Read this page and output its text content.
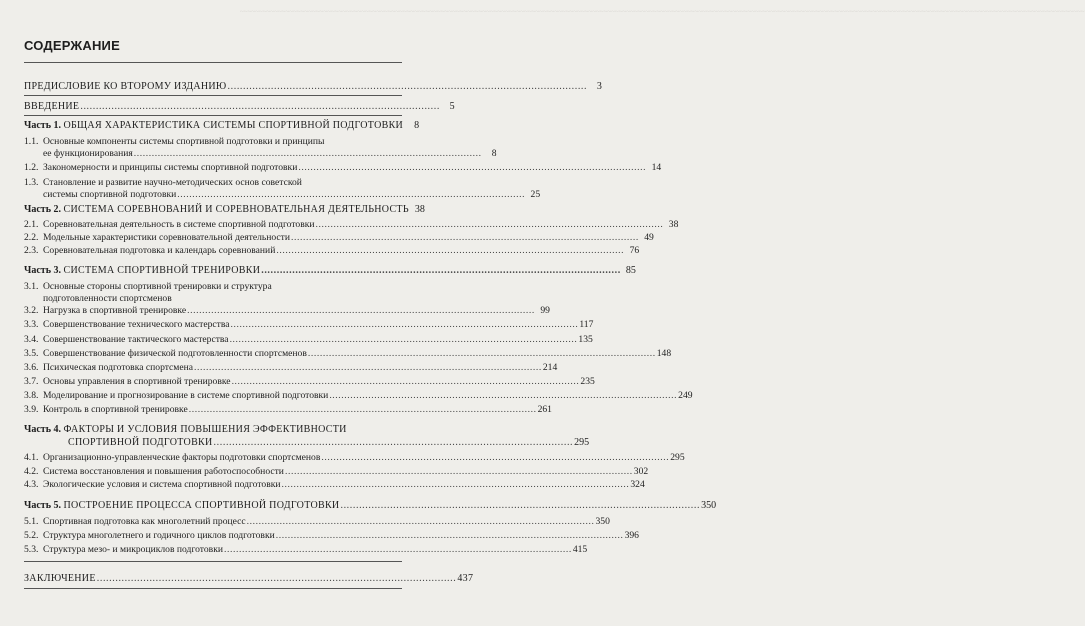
~~~~~~~~~~~~~~~~~~~~~~~~~~~~~~~~~~~~~~~~~~~~~~~~~~~~~~~~~~~~~~~~~~~~~~~~~~~~~~~~~~~~~~~~~~~~~~~~~~~~~~~~~~~~~~~~~~~~~~~~~~~~~~~~~~~~~~~~~~~~~~~~~~~~~~~~~~~~~~~~~~~~~~~~~~~~~~~~~~~~~~~~~~~~~~~~~~~~~~~~~~~~~~~~~~~~~~~~~~~~~~~
СОДЕРЖАНИЕ
ПРЕДИСЛОВИЕ КО ВТОРОМУ ИЗДАНИЮ .................................................................................................................... 3
ВВЕДЕНИЕ .................................................................................................................... 5
Часть 1. ОБЩАЯ ХАРАКТЕРИСТИКА СИСТЕМЫ СПОРТИВНОЙ ПОДГОТОВКИ	8
1.1. Основные компоненты системы спортивной подготовки и принципы
ее функционирования ....................................................................................................................	8
1.2. Закономерности и принципы системы спортивной подготовки .................................................................................................................... 14
1.3. Становление и развитие научно-методических основ советской
системы спортивной подготовки .................................................................................................................... 25
Часть 2. СИСТЕМА СОРЕВНОВАНИЙ И СОРЕВНОВАТЕЛЬНАЯ ДЕЯТЕЛЬНОСТЬ 38
2.1. Соревновательная деятельность в системе спортивной подготовки .................................................................................................................... 38
2.2. Модельные характеристики соревновательной деятельности .................................................................................................................... 49
2.3. Соревновательная подготовка и календарь соревнований .................................................................................................................... 76
Часть 3. СИСТЕМА СПОРТИВНОЙ ТРЕНИРОВКИ .................................................................................................................... 85
3.1. Основные стороны спортивной тренировки и структура
подготовленности спортсменов
3.2. Нагрузка в спортивной тренировке .................................................................................................................... 99
3.3. Совершенствование технического мастерства .................................................................................................................... 117
3.4. Совершенствование тактического мастерства .................................................................................................................... 135
3.5. Совершенствование физической подготовленности спортсменов .................................................................................................................... 148
3.6. Психическая подготовка спортсмена .................................................................................................................... 214
3.7. Основы управления в спортивной тренировке .................................................................................................................... 235
3.8. Моделирование и прогнозирование в системе спортивной подготовки .................................................................................................................... 249
3.9. Контроль в спортивной тренировке .................................................................................................................... 261
Часть 4. ФАКТОРЫ И УСЛОВИЯ ПОВЫШЕНИЯ ЭФФЕКТИВНОСТИ
СПОРТИВНОЙ ПОДГОТОВКИ .................................................................................................................... 295
4.1. Организационно-управленческие факторы подготовки спортсменов .................................................................................................................... 295
4.2. Система восстановления и повышения работоспособности .................................................................................................................... 302
4.3. Экологические условия и система спортивной подготовки .................................................................................................................... 324
Часть 5. ПОСТРОЕНИЕ ПРОЦЕССА СПОРТИВНОЙ ПОДГОТОВКИ .................................................................................................................... 350
5.1. Спортивная подготовка как многолетний процесс .................................................................................................................... 350
5.2. Структура многолетнего и годичного циклов подготовки .................................................................................................................... 396
5.3. Структура мезо- и микроциклов подготовки .................................................................................................................... 415
ЗАКЛЮЧЕНИЕ .................................................................................................................... 437
